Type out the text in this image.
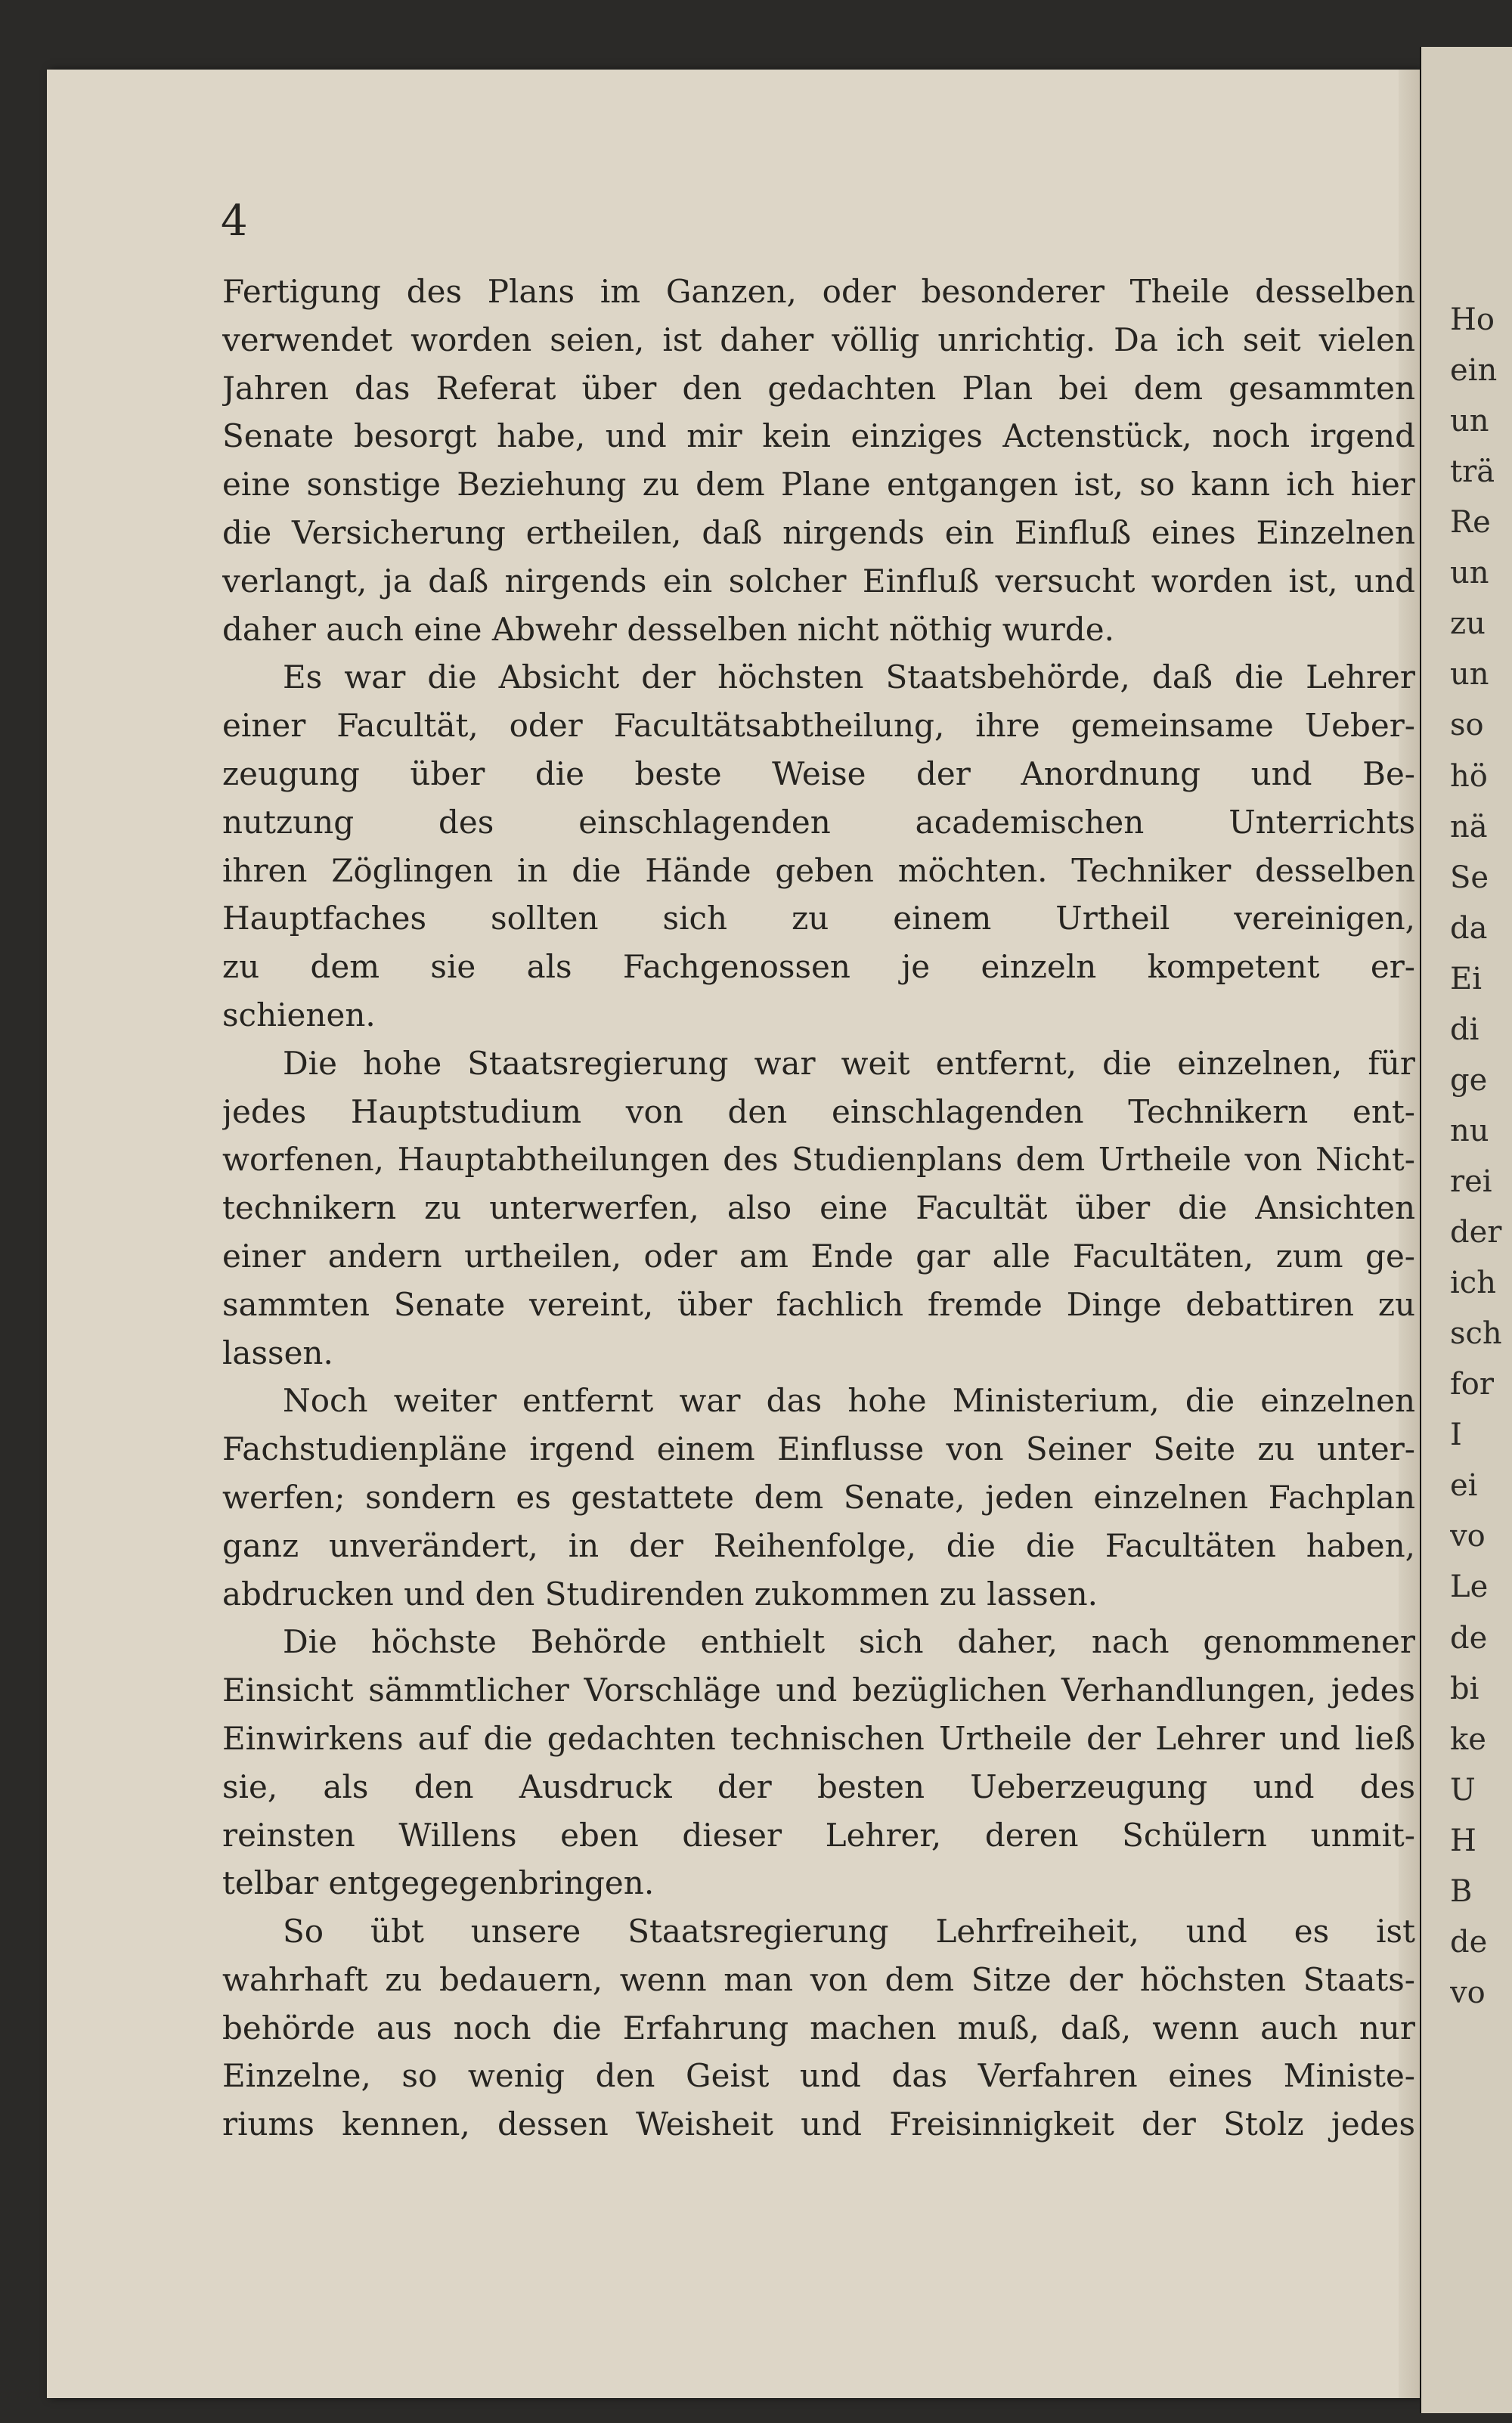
4
Fertigung des Plans im Ganzen, oder besonderer Theile desselben
verwendet worden seien, ist daher völlig unrichtig. Da ich seit vielen
Jahren das Referat über den gedachten Plan bei dem gesammten
Senate besorgt habe, und mir kein einziges Actenstück, noch irgend
eine sonstige Beziehung zu dem Plane entgangen ist, so kann ich hier
die Versicherung ertheilen, daß nirgends ein Einfluß eines Einzelnen
verlangt, ja daß nirgends ein solcher Einfluß versucht worden ist, und
daher auch eine Abwehr desselben nicht nöthig wurde.
Es war die Absicht der höchsten Staatsbehörde, daß die Lehrer
einer Facultät, oder Facultätsabtheilung, ihre gemeinsame Ueber-
zeugung über die beste Weise der Anordnung und Be-
nutzung des einschlagenden academischen Unterrichts
ihren Zöglingen in die Hände geben möchten. Techniker desselben
Hauptfaches sollten sich zu einem Urtheil vereinigen,
zu dem sie als Fachgenossen je einzeln kompetent er-
schienen.
Die hohe Staatsregierung war weit entfernt, die einzelnen, für
jedes Hauptstudium von den einschlagenden Technikern ent-
worfenen, Hauptabtheilungen des Studienplans dem Urtheile von Nicht-
technikern zu unterwerfen, also eine Facultät über die Ansichten
einer andern urtheilen, oder am Ende gar alle Facultäten, zum ge-
sammten Senate vereint, über fachlich fremde Dinge debattiren zu
lassen.
Noch weiter entfernt war das hohe Ministerium, die einzelnen
Fachstudienpläne irgend einem Einflusse von Seiner Seite zu unter-
werfen; sondern es gestattete dem Senate, jeden einzelnen Fachplan
ganz unverändert, in der Reihenfolge, die die Facultäten haben,
abdrucken und den Studirenden zukommen zu lassen.
Die höchste Behörde enthielt sich daher, nach genommener
Einsicht sämmtlicher Vorschläge und bezüglichen Verhandlungen, jedes
Einwirkens auf die gedachten technischen Urtheile der Lehrer und ließ
sie, als den Ausdruck der besten Ueberzeugung und des
reinsten Willens eben dieser Lehrer, deren Schülern unmit-
telbar entgegegenbringen.
So übt unsere Staatsregierung Lehrfreiheit, und es ist
wahrhaft zu bedauern, wenn man von dem Sitze der höchsten Staats-
behörde aus noch die Erfahrung machen muß, daß, wenn auch nur
Einzelne, so wenig den Geist und das Verfahren eines Ministe-
riums kennen, dessen Weisheit und Freisinnigkeit der Stolz jedes
Ho
ein
un
trä
Re
un
zu
un
so
hö
nä
Se
da
Ei
di
ge
nu
rei
der
ich
sch
for
I
ei
vo
Le
de
bi
ke
U
H
B
de
vo
